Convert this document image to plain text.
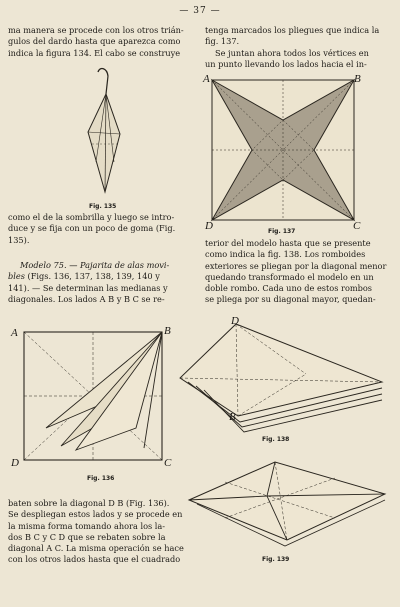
— 37 —
ma manera se procede con los otros trián-
gulos del dardo hasta que aparezca como
indica la figura 134. El cabo se construye
Fig. 135
como el de la sombrilla y luego se intro-
duce y se fija con un poco de goma (Fig.
135).
Modelo 75. — Pajarita de alas movi-
bles (Figs. 136, 137, 138, 139, 140 y
141). — Se determinan las medianas y
diagonales. Los lados A B y B C se re-
A	B
C
D
Fig. 136
baten sobre la diagonal D B (Fig. 136).
Se despliegan estos lados y se procede en
la misma forma tomando ahora los la-
dos B C y C D que se rebaten sobre la
diagonal A C. La misma operación se hace
con los otros lados hasta que el cuadrado
tenga marcados los pliegues que indica la
fig. 137.
Se juntan ahora todos los vértices en
un punto llevando los lados hacia el in-
A	B
C
D	Fig. 137
terior del modelo hasta que se presente
como indica la fig. 138. Los romboides
exteriores se pliegan por la diagonal menor
quedando transformado el modelo en un
doble rombo. Cada uno de estos rombos
se pliega por su diagonal mayor, quedan-
D
B
Fig. 138
Fig. 139
